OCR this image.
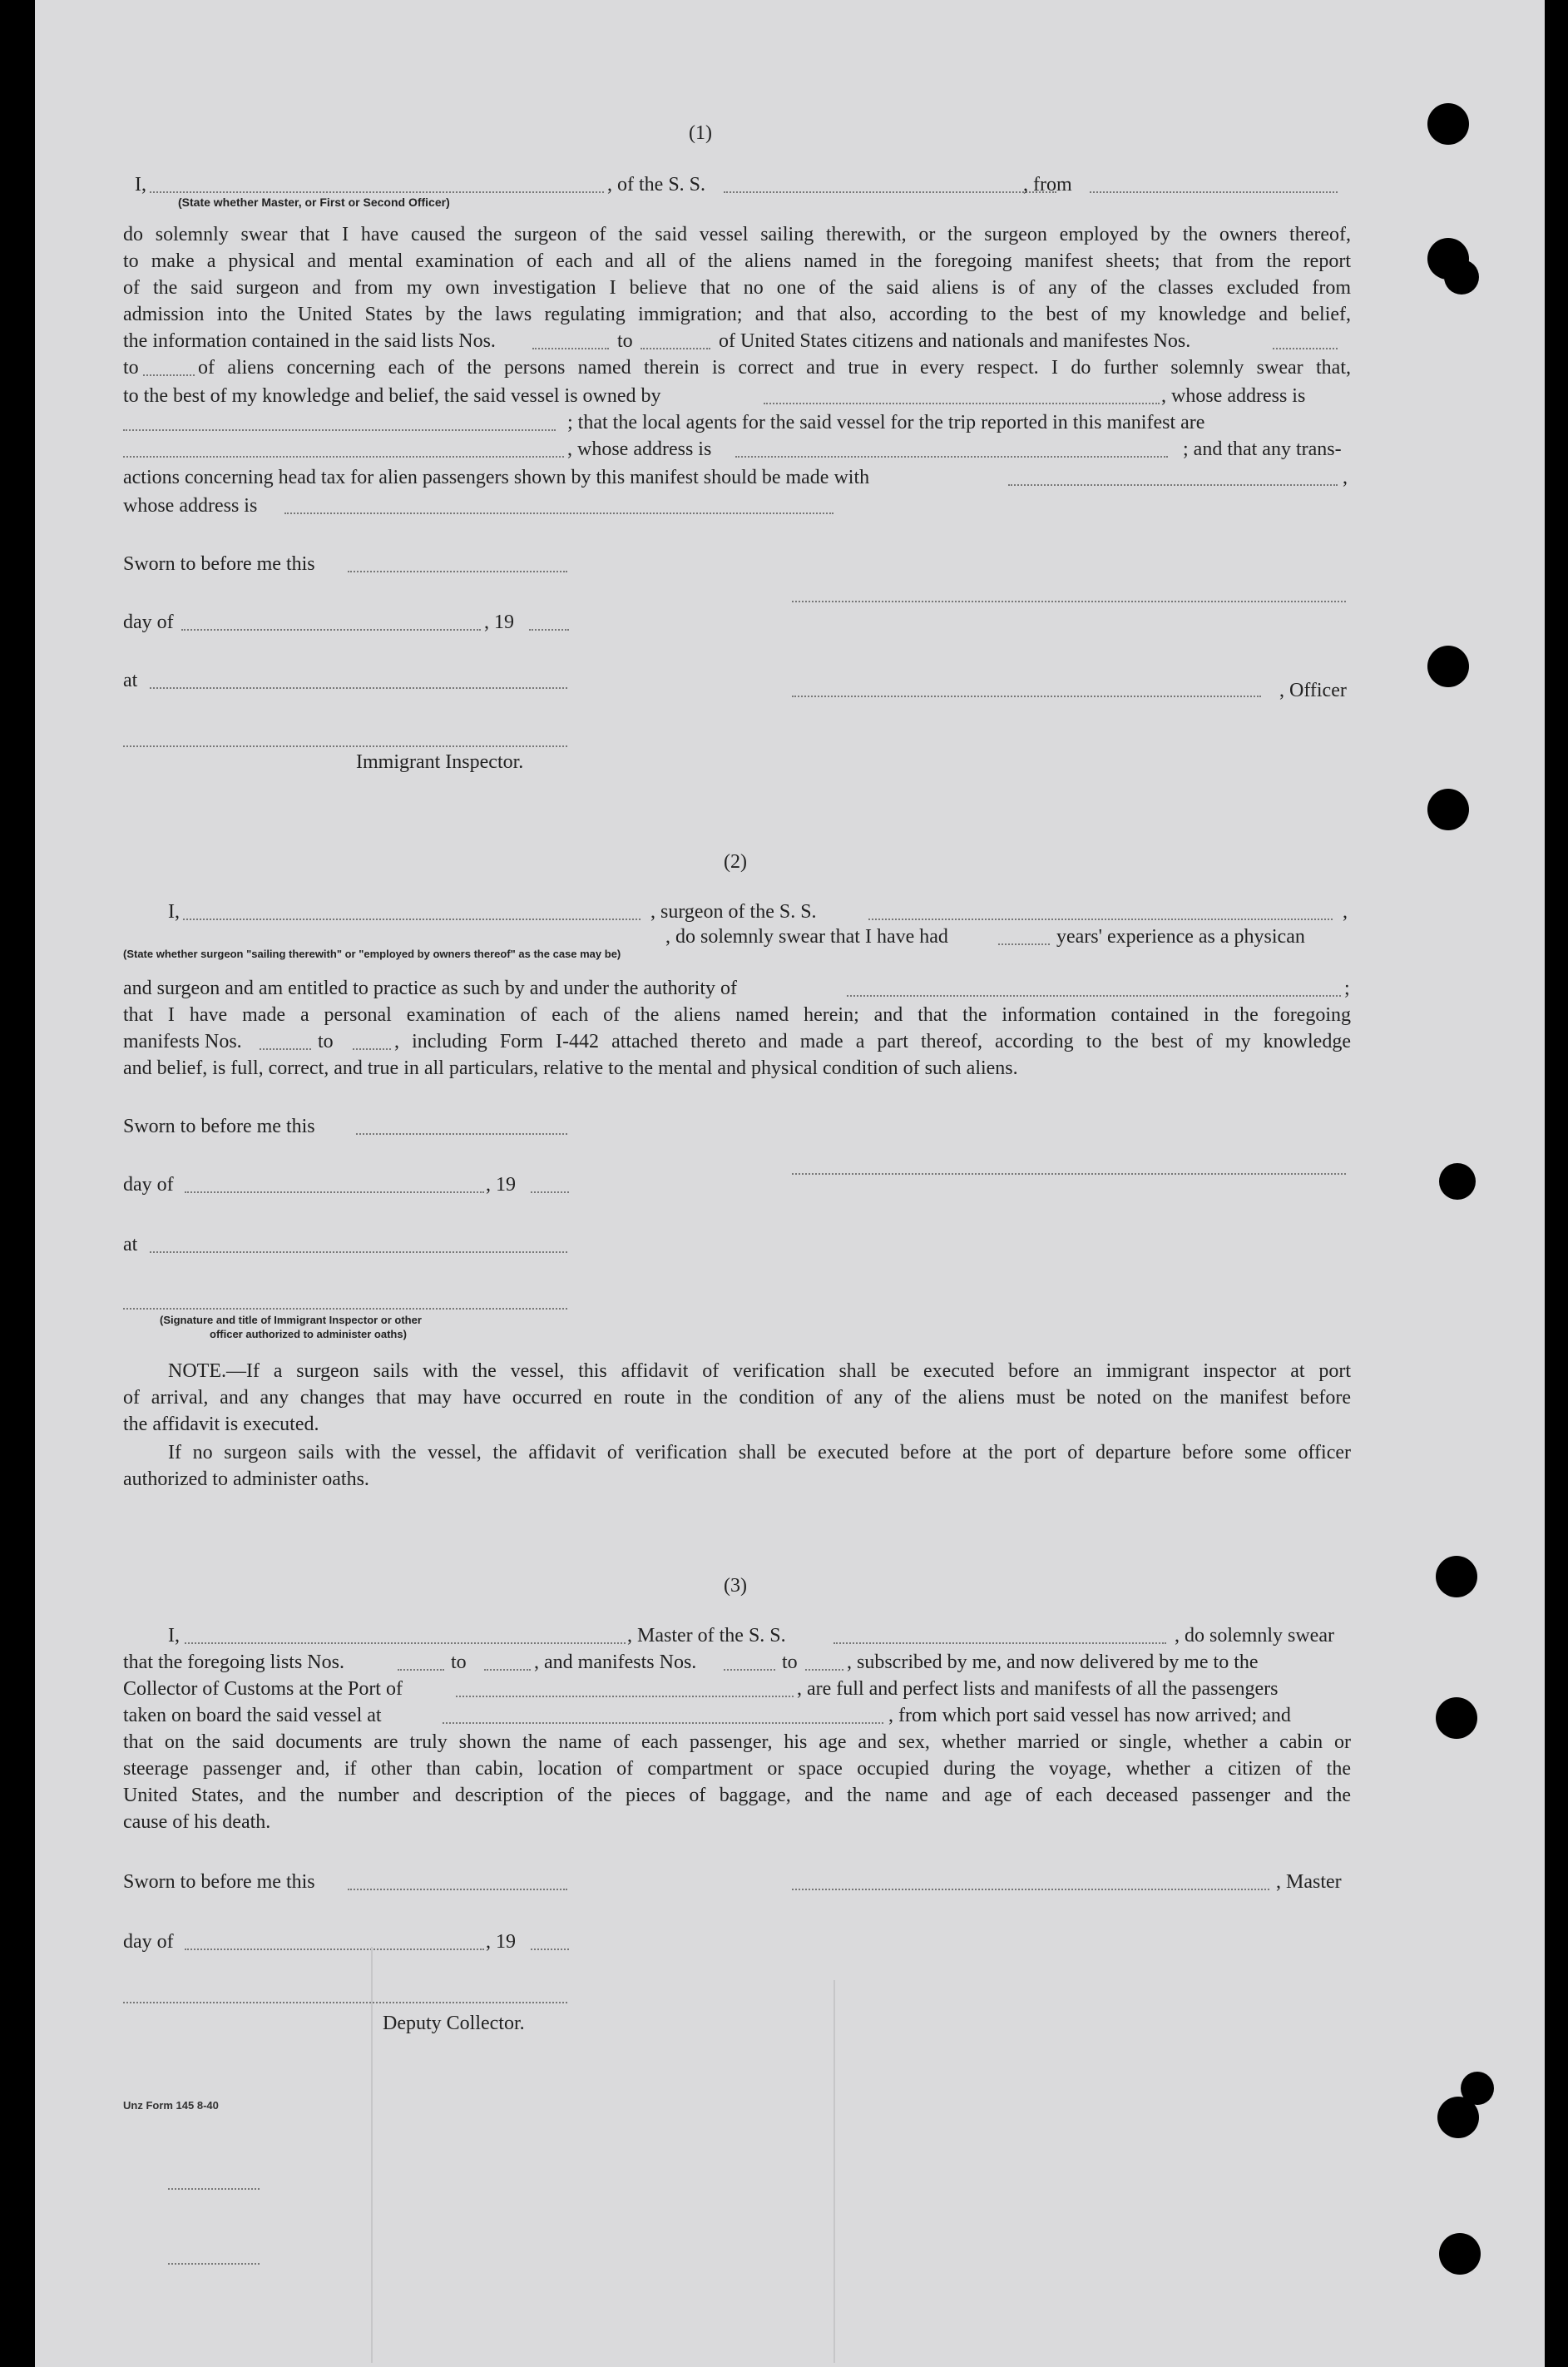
(1)
I,	, of the S. S.	, from
(State whether Master, or First or Second Officer)
do solemnly swear that I have caused the surgeon of the said vessel sailing therewith, or the surgeon employed by the owners thereof,
to make a physical and mental examination of each and all of the aliens named in the foregoing manifest sheets; that from the report
of the said surgeon and from my own investigation I believe that no one of the said aliens is of any of the classes excluded from
admission into the United States by the laws regulating immigration; and that also, according to the best of my knowledge and belief,
the information contained in the said lists Nos.	to	of United States citizens and nationals and manifestes Nos.
to	of aliens concerning each of the persons named therein is correct and true in every respect. I do further solemnly swear that,
to the best of my knowledge and belief, the said vessel is owned by	, whose address is
; that the local agents for the said vessel for the trip reported in this manifest are
, whose address is	; and that any trans-
actions concerning head tax for alien passengers shown by this manifest should be made with	,
whose address is
Sworn to before me this
day of	, 19
at	, Officer
Immigrant Inspector.
(2)
I,	, surgeon of the S. S.	,
, do solemnly swear that I have had	years' experience as a physican
(State whether surgeon "sailing therewith" or "employed by owners thereof" as the case may be)
and surgeon and am entitled to practice as such by and under the authority of	;
that I have made a personal examination of each of the aliens named herein; and that the information contained in the foregoing
manifests Nos.	to	, including Form I-442 attached thereto and made a part thereof, according to the best of my knowledge
and belief, is full, correct, and true in all particulars, relative to the mental and physical condition of such aliens.
Sworn to before me this
day of	, 19
at
(Signature and title of Immigrant Inspector or other
officer authorized to administer oaths)
NOTE.—If a surgeon sails with the vessel, this affidavit of verification shall be executed before an immigrant inspector at port
of arrival, and any changes that may have occurred en route in the condition of any of the aliens must be noted on the manifest before
the affidavit is executed.
If no surgeon sails with the vessel, the affidavit of verification shall be executed before at the port of departure before some officer
authorized to administer oaths.
(3)
I,	, Master of the S. S.	, do solemnly swear
that the foregoing lists Nos.	to	, and manifests Nos.	to , subscribed by me, and now delivered by me to the
Collector of Customs at the Port of	, are full and perfect lists and manifests of all the passengers
taken on board the said vessel at	, from which port said vessel has now arrived; and
that on the said documents are truly shown the name of each passenger, his age and sex, whether married or single, whether a cabin or
steerage passenger and, if other than cabin, location of compartment or space occupied during the voyage, whether a citizen of the
United States, and the number and description of the pieces of baggage, and the name and age of each deceased passenger and the
cause of his death.
Sworn to before me this	, Master
day of	, 19
Deputy Collector.
Unz Form 145 8-40
